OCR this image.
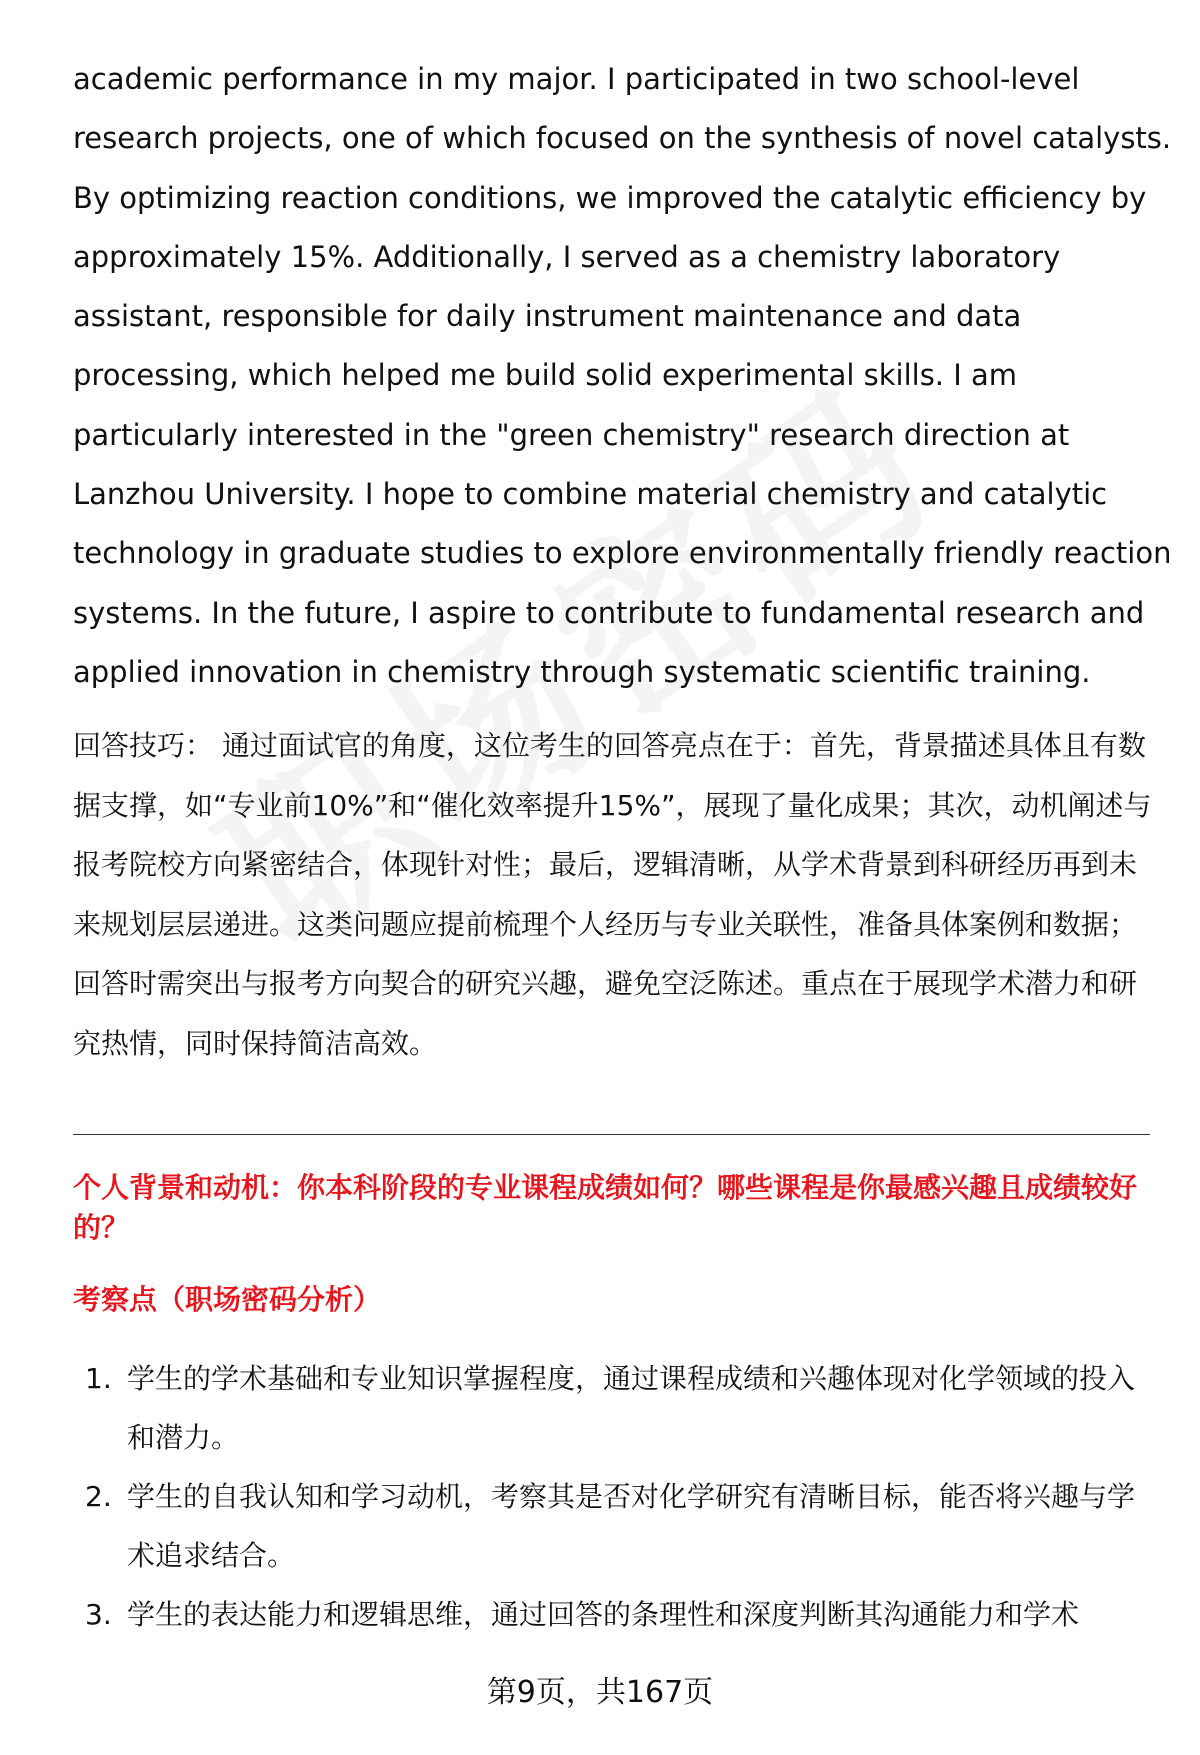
academic performance in my major. I participated in two school-level
research projects, one of which focused on the synthesis of novel catalysts.
By optimizing reaction conditions, we improved the catalytic efficiency by
approximately 15%. Additionally, I served as a chemistry laboratory
assistant, responsible for daily instrument maintenance and data
processing, which helped me build solid experimental skills. I am
particularly interested in the "green chemistry" research direction at
Lanzhou University. I hope to combine material chemistry and catalytic
technology in graduate studies to explore environmentally friendly reaction
systems. In the future, I aspire to contribute to fundamental research and
applied innovation in chemistry through systematic scientific training.

回答技巧： 通过面试官的角度，这位考生的回答亮点在于：首先，背景描述具体且有数据支撑，如“专业前10%”和“催化效率提升15%”，展现了量化成果；其次，动机阐述与报考院校方向紧密结合，体现针对性；最后，逻辑清晰，从学术背景到科研经历再到未来规划层层递进。这类问题应提前梳理个人经历与专业关联性，准备具体案例和数据；回答时需突出与报考方向契合的研究兴趣，避免空泛陈述。重点在于展现学术潜力和研究热情，同时保持简洁高效。

个人背景和动机：你本科阶段的专业课程成绩如何？哪些课程是你最感兴趣且成绩较好的？

考察点（职场密码分析）

1. 学生的学术基础和专业知识掌握程度，通过课程成绩和兴趣体现对化学领域的投入和潜力。
2. 学生的自我认知和学习动机，考察其是否对化学研究有清晰目标，能否将兴趣与学术追求结合。
3. 学生的表达能力和逻辑思维，通过回答的条理性和深度判断其沟通能力和学术
第9页，共167页
